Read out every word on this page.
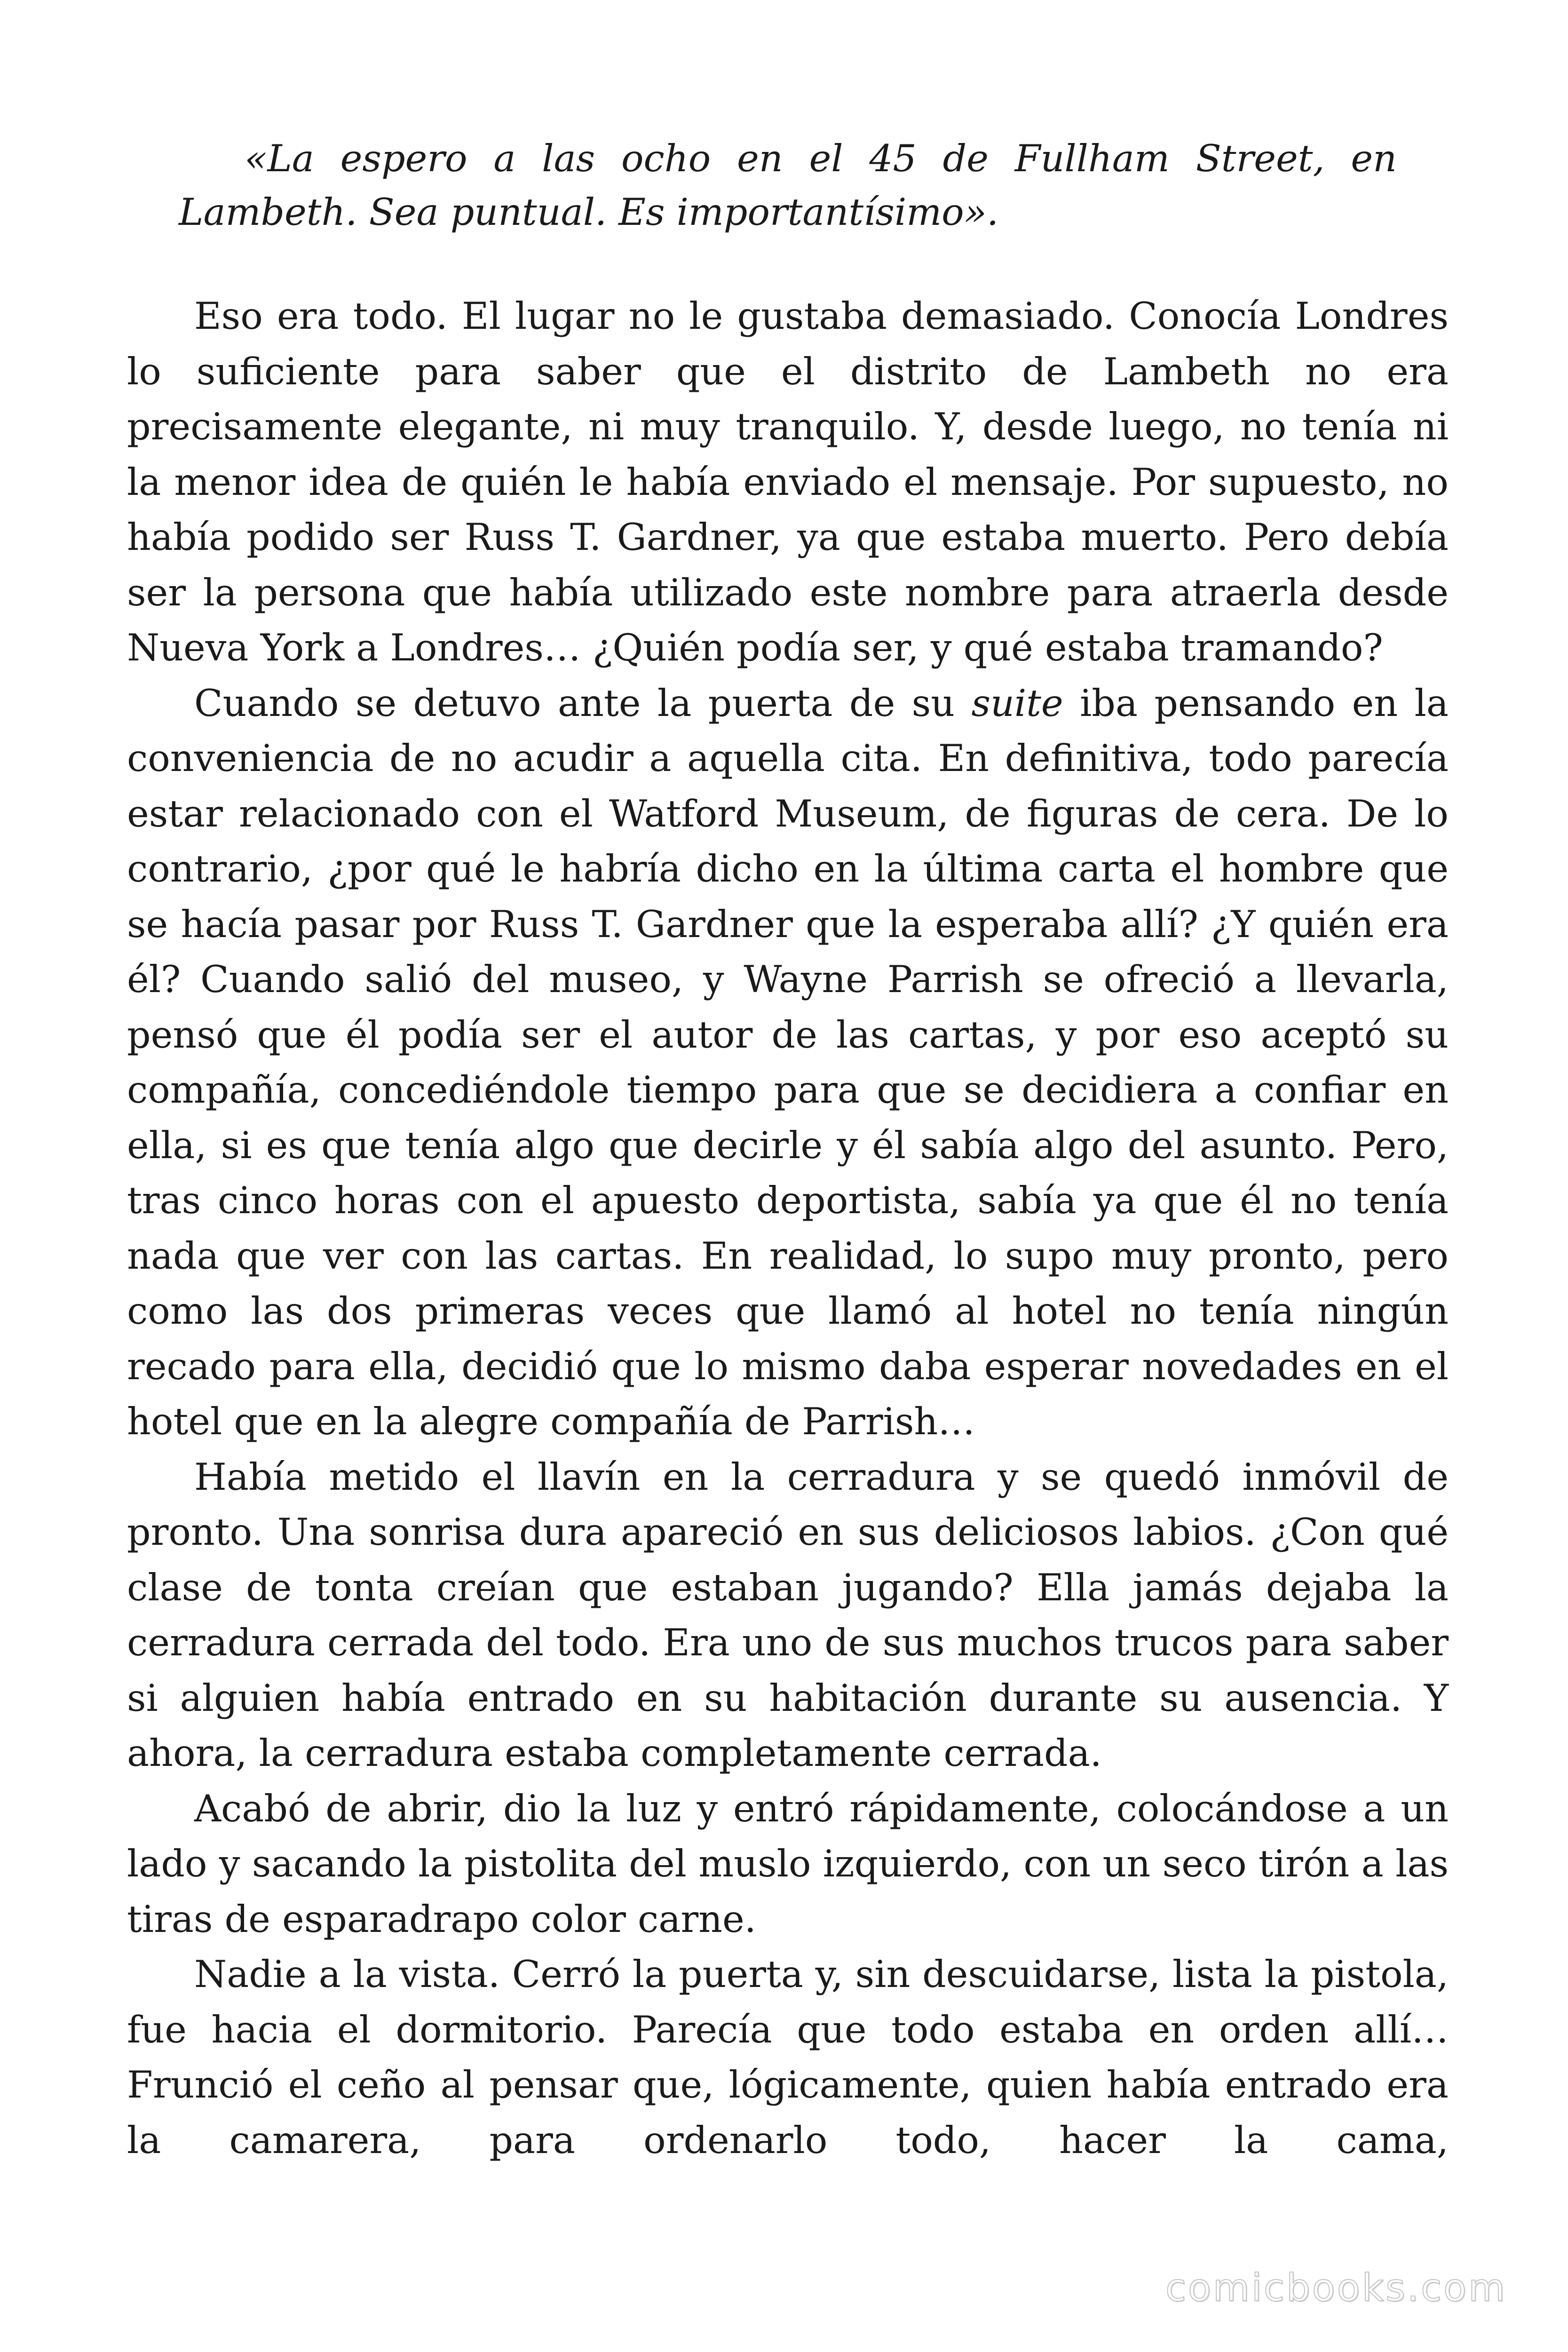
«La espero a las ocho en el 45 de Fullham Street, en Lambeth. Sea puntual. Es importantísimo».

Eso era todo. El lugar no le gustaba demasiado. Conocía Londres lo suficiente para saber que el distrito de Lambeth no era precisamente elegante, ni muy tranquilo. Y, desde luego, no tenía ni la menor idea de quién le había enviado el mensaje. Por supuesto, no había podido ser Russ T. Gardner, ya que estaba muerto. Pero debía ser la persona que había utilizado este nombre para atraerla desde Nueva York a Londres… ¿Quién podía ser, y qué estaba tramando?

Cuando se detuvo ante la puerta de su suite iba pensando en la conveniencia de no acudir a aquella cita. En definitiva, todo parecía estar relacionado con el Watford Museum, de figuras de cera. De lo contrario, ¿por qué le habría dicho en la última carta el hombre que se hacía pasar por Russ T. Gardner que la esperaba allí? ¿Y quién era él? Cuando salió del museo, y Wayne Parrish se ofreció a llevarla, pensó que él podía ser el autor de las cartas, y por eso aceptó su compañía, concediéndole tiempo para que se decidiera a confiar en ella, si es que tenía algo que decirle y él sabía algo del asunto. Pero, tras cinco horas con el apuesto deportista, sabía ya que él no tenía nada que ver con las cartas. En realidad, lo supo muy pronto, pero como las dos primeras veces que llamó al hotel no tenía ningún recado para ella, decidió que lo mismo daba esperar novedades en el hotel que en la alegre compañía de Parrish…

Había metido el llavín en la cerradura y se quedó inmóvil de pronto. Una sonrisa dura apareció en sus deliciosos labios. ¿Con qué clase de tonta creían que estaban jugando? Ella jamás dejaba la cerradura cerrada del todo. Era uno de sus muchos trucos para saber si alguien había entrado en su habitación durante su ausencia. Y ahora, la cerradura estaba completamente cerrada.

Acabó de abrir, dio la luz y entró rápidamente, colocándose a un lado y sacando la pistolita del muslo izquierdo, con un seco tirón a las tiras de esparadrapo color carne.

Nadie a la vista. Cerró la puerta y, sin descuidarse, lista la pistola, fue hacia el dormitorio. Parecía que todo estaba en orden allí… Frunció el ceño al pensar que, lógicamente, quien había entrado era la camarera, para ordenarlo todo, hacer la cama,

comicbooks.com
